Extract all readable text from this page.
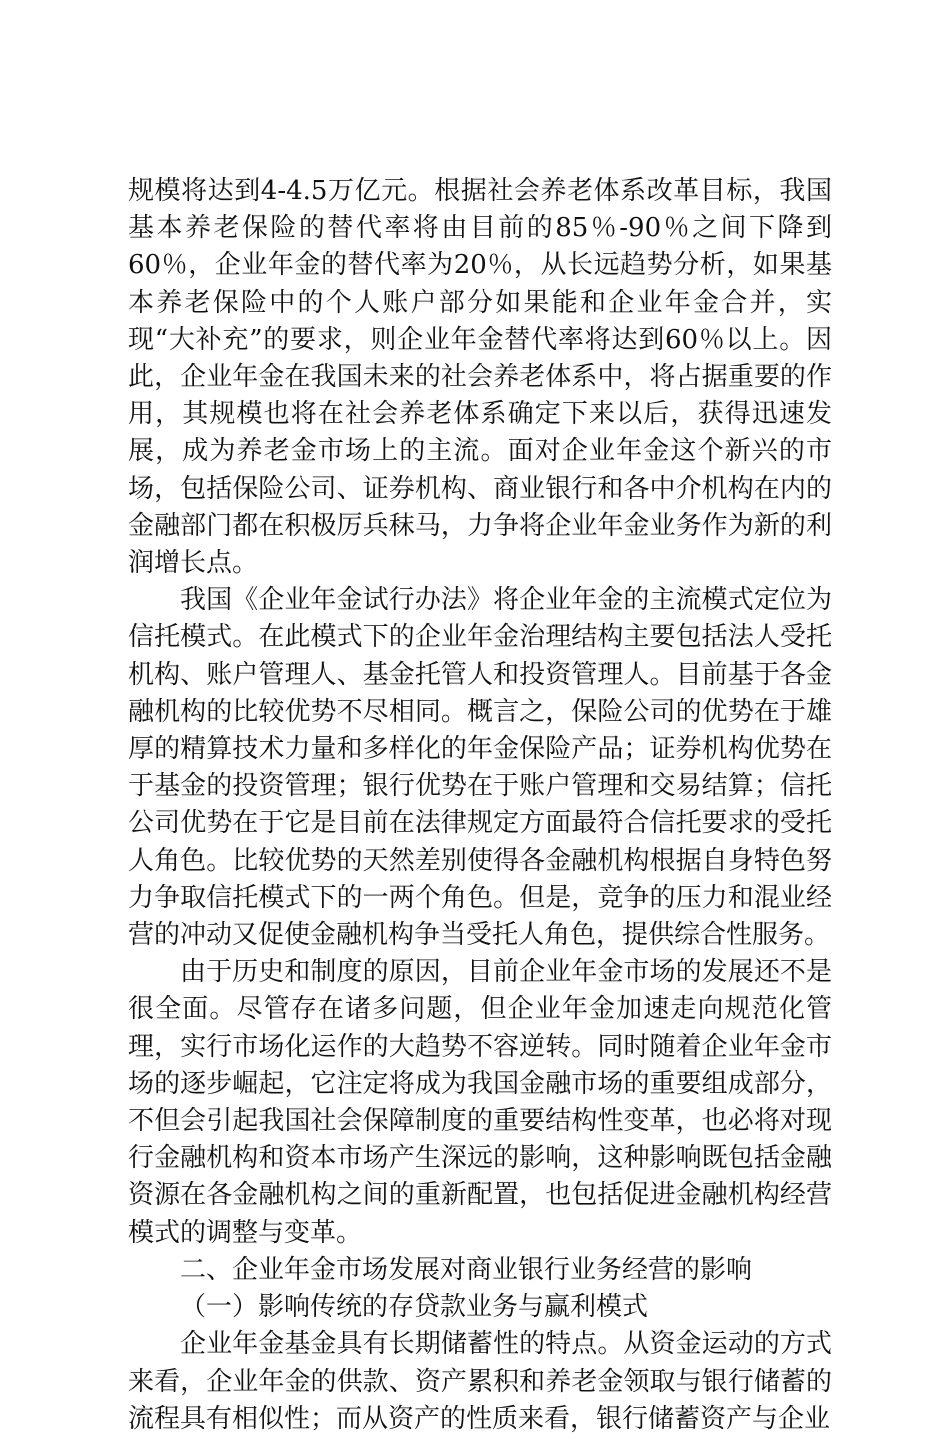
规模将达到4-4.5万亿元。根据社会养老体系改革目标，我国基本养老保险的替代率将由目前的85％-90％之间下降到60％，企业年金的替代率为20％，从长远趋势分析，如果基本养老保险中的个人账户部分如果能和企业年金合并，实现“大补充”的要求，则企业年金替代率将达到60％以上。因此，企业年金在我国未来的社会养老体系中，将占据重要的作用，其规模也将在社会养老体系确定下来以后，获得迅速发展，成为养老金市场上的主流。面对企业年金这个新兴的市场，包括保险公司、证券机构、商业银行和各中介机构在内的金融部门都在积极厉兵秣马，力争将企业年金业务作为新的利润增长点。

我国《企业年金试行办法》将企业年金的主流模式定位为信托模式。在此模式下的企业年金治理结构主要包括法人受托机构、账户管理人、基金托管人和投资管理人。目前基于各金融机构的比较优势不尽相同。概言之，保险公司的优势在于雄厚的精算技术力量和多样化的年金保险产品；证券机构优势在于基金的投资管理；银行优势在于账户管理和交易结算；信托公司优势在于它是目前在法律规定方面最符合信托要求的受托人角色。比较优势的天然差别使得各金融机构根据自身特色努力争取信托模式下的一两个角色。但是，竞争的压力和混业经营的冲动又促使金融机构争当受托人角色，提供综合性服务。

由于历史和制度的原因，目前企业年金市场的发展还不是很全面。尽管存在诸多问题，但企业年金加速走向规范化管理，实行市场化运作的大趋势不容逆转。同时随着企业年金市场的逐步崛起，它注定将成为我国金融市场的重要组成部分，不但会引起我国社会保障制度的重要结构性变革，也必将对现行金融机构和资本市场产生深远的影响，这种影响既包括金融资源在各金融机构之间的重新配置，也包括促进金融机构经营模式的调整与变革。

二、企业年金市场发展对商业银行业务经营的影响

（一）影响传统的存贷款业务与赢利模式

企业年金基金具有长期储蓄性的特点。从资金运动的方式来看，企业年金的供款、资产累积和养老金领取与银行储蓄的流程具有相似性；而从资产的性质来看，银行储蓄资产与企业
